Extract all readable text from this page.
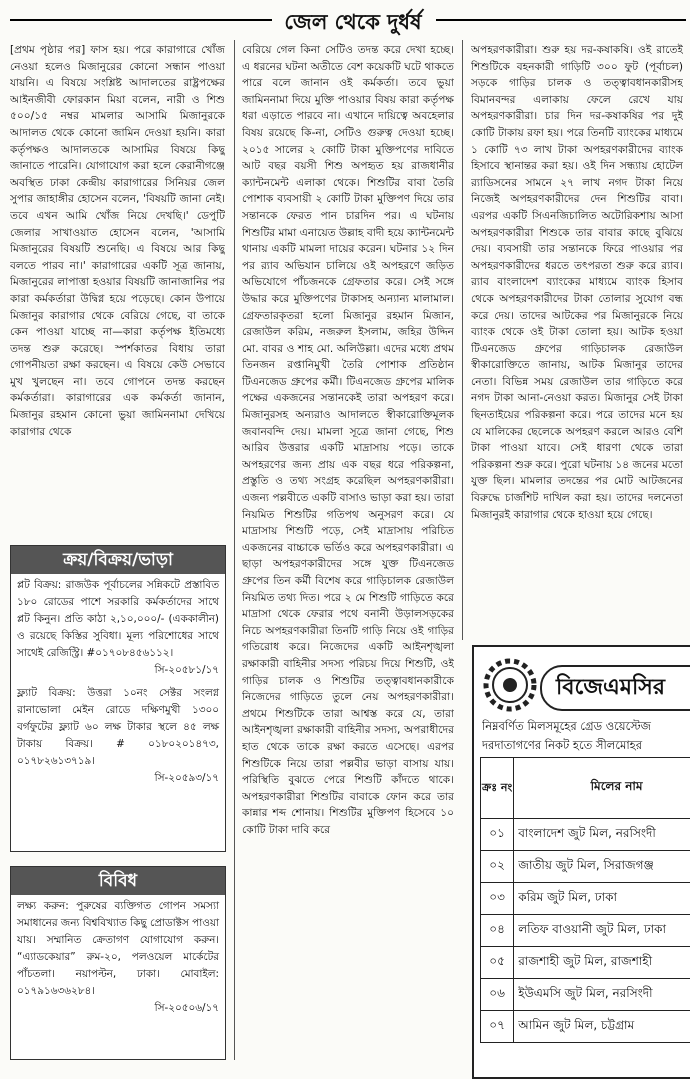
জেল থেকে দুর্ধর্ষ

[প্রথম পৃষ্ঠার পর] ফাস হয়। পরে কারাগারে খোঁজ নেওয়া হলেও মিজানুরের কোনো সন্ধান পাওয়া যায়নি। এ বিষয়ে সংশ্লিষ্ট আদালতের রাষ্ট্রপক্ষের আইনজীবী ফোরকান মিয়া বলেন, নারী ও শিশু ৫০০/১৫ নম্বর মামলার আসামি মিজানুরকে আদালত থেকে কোনো জামিন দেওয়া হয়নি। কারা কর্তৃপক্ষও আদালতকে আসামির বিষয়ে কিছু জানাতে পারেনি। যোগাযোগ করা হলে কেরানীগঞ্জে অবস্থিত ঢাকা কেন্দ্রীয় কারাগারের সিনিয়র জেল সুপার জাহাঙ্গীর হোসেন বলেন, 'বিষয়টি জানা নেই। তবে এখন আমি খোঁজ নিয়ে দেখছি।' ডেপুটি জেলার সাখাওয়াত হোসেন বলেন, 'আসামি মিজানুরের বিষয়টি শুনেছি। এ বিষয়ে আর কিছু বলতে পারব না।' কারাগারের একটি সূত্র জানায়, মিজানুরের লাপাত্তা হওয়ার বিষয়টি জানাজানির পর কারা কর্মকর্তারা উদ্বিগ্ন হয়ে পড়েছে। কোন উপায়ে মিজানুর কারাগার থেকে বেরিয়ে গেছে, বা তাকে কেন পাওয়া যাচ্ছে না—কারা কর্তৃপক্ষ ইতিমধ্যে তদন্ত শুরু করেছে। স্পর্শকাতর বিধায় তারা গোপনীয়তা রক্ষা করছেন। এ বিষয়ে কেউ সেভাবে মুখ খুলছেন না। তবে গোপনে তদন্ত করছেন কর্মকর্তারা। কারাগারের এক কর্মকর্তা জানান, মিজানুর রহমান কোনো ভুয়া জামিননামা দেখিয়ে কারাগার থেকে

বেরিয়ে গেল কিনা সেটিও তদন্ত করে দেখা হচ্ছে। এ ধরনের ঘটনা অতীতে বেশ কয়েকটি ঘটে থাকতে পারে বলে জানান ওই কর্মকর্তা। তবে ভুয়া জামিননামা দিয়ে মুক্তি পাওয়ার বিষয় কারা কর্তৃপক্ষ ধরা এড়াতে পারবে না। এখানে দায়িত্বে অবহেলার বিষয় রয়েছে কি-না, সেটিও গুরুত্ব দেওয়া হচ্ছে। ২০১৫ সালের ২ কোটি টাকা মুক্তিপণের দাবিতে আট বছর বয়সী শিশু অপহৃত হয় রাজধানীর ক্যান্টনমেন্ট এলাকা থেকে। শিশুটির বাবা তৈরি পোশাক ব্যবসায়ী ২ কোটি টাকা মুক্তিপণ দিয়ে তার সন্তানকে ফেরত পান চারদিন পর। এ ঘটনায় শিশুটির মামা এনায়েত উল্লাহ বাদী হয়ে ক্যান্টনমেন্ট থানায় একটি মামলা দায়ের করেন। ঘটনার ১২ দিন পর র‍্যাব অভিযান চালিয়ে ওই অপহরণে জড়িত অভিযোগে পাঁচজনকে গ্রেফতার করে। সেই সঙ্গে উদ্ধার করে মুক্তিপণের টাকাসহ অন্যান্য মালামাল। গ্রেফতারকৃতরা হলো মিজানুর রহমান মিজান, রেজাউল করিম, নজরুল ইসলাম, জহির উদ্দিন মো. বাবর ও শাহ মো. অলিউল্লা। এদের মধ্যে প্রথম তিনজন রপ্তানিমুখী তৈরি পোশাক প্রতিষ্ঠান টিএনজেড গ্রুপের কর্মী। টিএনজেড গ্রুপের মালিক পক্ষের একজনের সন্তানকেই তারা অপহরণ করে। মিজানুরসহ অন্যরাও আদালতে স্বীকারোক্তিমূলক জবানবন্দি দেয়। মামলা সূত্রে জানা গেছে, শিশু আরিব উত্তরার একটি মাদ্রাসায় পড়ে। তাকে অপহরণের জন্য প্রায় এক বছর ধরে পরিকল্পনা, প্রস্তুতি ও তথ্য সংগ্রহ করেছিল অপহরণকারীরা। এজন্য পল্লবীতে একটি বাসাও ভাড়া করা হয়। তারা নিয়মিত শিশুটির গতিপথ অনুসরণ করে। যে মাদ্রাসায় শিশুটি পড়ে, সেই মাদ্রাসায় পরিচিত একজনের বাচ্চাকে ভর্তিও করে অপহরণকারীরা। এ ছাড়া অপহরণকারীদের সঙ্গে যুক্ত টিএনজেড গ্রুপের তিন কর্মী বিশেষ করে গাড়িচালক রেজাউল নিয়মিত তথ্য দিত। পরে ২ মে শিশুটি গাড়িতে করে মাদ্রাসা থেকে ফেরার পথে বনানী উড়ালসড়কের নিচে অপহরণকারীরা তিনটি গাড়ি নিয়ে ওই গাড়ির গতিরোধ করে। নিজেদের একটি আইনশৃঙ্খলা রক্ষাকারী বাহিনীর সদস্য পরিচয় দিয়ে শিশুটি, ওই গাড়ির চালক ও শিশুটির তত্ত্বাবধানকারীকে নিজেদের গাড়িতে তুলে নেয় অপহরণকারীরা। প্রথমে শিশুটিকে তারা আশ্বস্ত করে যে, তারা আইনশৃঙ্খলা রক্ষাকারী বাহিনীর সদস্য, অপরাধীদের হাত থেকে তাকে রক্ষা করতে এসেছে। এরপর শিশুটিকে নিয়ে তারা পল্লবীর ভাড়া বাসায় যায়। পরিস্থিতি বুঝতে পেরে শিশুটি কাঁদতে থাকে। অপহরণকারীরা শিশুটির বাবাকে ফোন করে তার কান্নার শব্দ শোনায়। শিশুটির মুক্তিপণ হিসেবে ১০ কোটি টাকা দাবি করে

অপহরণকারীরা। শুরু হয় দর-কষাকষি। ওই রাতেই শিশুটিকে বহনকারী গাড়িটি ৩০০ ফুট (পূর্বাচল) সড়কে গাড়ির চালক ও তত্ত্বাবধানকারীসহ বিমানবন্দর এলাকায় ফেলে রেখে যায় অপহরণকারীরা। চার দিন দর-কষাকষির পর দুই কোটি টাকায় রফা হয়। পরে তিনটি ব্যাংকের মাধ্যমে ১ কোটি ৭৩ লাখ টাকা অপহরণকারীদের ব্যাংক হিসাবে স্থানান্তর করা হয়। ওই দিন সন্ধ্যায় হোটেল র‍্যাডিসনের সামনে ২৭ লাখ নগদ টাকা নিয়ে নিজেই অপহরণকারীদের দেন শিশুটির বাবা। এরপর একটি সিএনজিচালিত অটোরিকশায় আসা অপহরণকারীরা শিশুকে তার বাবার কাছে বুঝিয়ে দেয়। ব্যবসায়ী তার সন্তানকে ফিরে পাওয়ার পর অপহরণকারীদের ধরতে তৎপরতা শুরু করে র‍্যাব। র‍্যাব বাংলাদেশ ব্যাংকের মাধ্যমে ব্যাংক হিসাব থেকে অপহরণকারীদের টাকা তোলার সুযোগ বন্ধ করে দেয়। তাদের আটকের পর মিজানুরকে নিয়ে ব্যাংক থেকে ওই টাকা তোলা হয়। আটক হওয়া টিএনজেড গ্রুপের গাড়িচালক রেজাউল স্বীকারোক্তিতে জানায়, আটক মিজানুর তাদের নেতা। বিভিন্ন সময় রেজাউল তার গাড়িতে করে নগদ টাকা আনা-নেওয়া করত। মিজানুর সেই টাকা ছিনতাইয়ের পরিকল্পনা করে। পরে তাদের মনে হয় যে মালিকের ছেলেকে অপহরণ করলে আরও বেশি টাকা পাওয়া যাবে। সেই ধারণা থেকে তারা পরিকল্পনা শুরু করে। পুরো ঘটনায় ১৪ জনের মতো যুক্ত ছিল। মামলার তদন্তের পর মোট আটজনের বিরুদ্ধে চার্জশিট দাখিল করা হয়। তাদের দলনেতা মিজানুরই কারাগার থেকে হাওয়া হয়ে গেছে।

ক্রয়/বিক্রয়/ভাড়া
প্লট বিক্রয়: রাজউক পূর্বাচলের সন্নিকটে প্রস্তাবিত ১৮০ রোডের পাশে সরকারি কর্মকর্তাদের সাথে প্লট কিনুন। প্রতি কাঠা ২,১০,০০০/- (এককালীন) ও রয়েছে কিস্তির সুবিধা। মূল্য পরিশোধের সাথে সাথেই রেজিস্ট্রি। #০১৭০৮৪৫৬১১২।
সি-২০৫৮১/১৭
ফ্ল্যাট বিক্রয়: উত্তরা ১০নং সেক্টর সংলগ্ন রানাভোলা মেইন রোডে দক্ষিণমুখী ১৩০০ বর্গফুটের ফ্ল্যাট ৬০ লক্ষ টাকার স্থলে ৪৫ লক্ষ টাকায় বিক্রয়। # ০১৮০২০১৪৭৩, ০১৭৮২৬১৩৭১৯।
সি-২০৫৯৩/১৭
বিবিধ
লক্ষ্য করুন: পুরুষের ব্যক্তিগত গোপন সমস্যা সমাধানের জন্য বিশ্ববিখ্যাত কিছু প্রোডাক্টস পাওয়া যায়। সম্মানিত ক্রেতাগণ যোগাযোগ করুন। “এ্যাডকেয়ার” রুম-২০, পলওয়েল মার্কেটের পাঁচতলা। নয়াপল্টন, ঢাকা। মোবাইল: ০১৭৯১৬৩৬২৮৪।
সি-২০৫০৬/১৭
বিজেএমসির
নিম্নবর্ণিত মিলসমূহের গ্রেড ওয়েস্টেজ
দরদাতাগণের নিকট হতে সীলমোহর
ক্রঃ নং	মিলের নাম
০১	বাংলাদেশ জুট মিল, নরসিংদী
০২	জাতীয় জুট মিল, সিরাজগঞ্জ
০৩	করিম জুট মিল, ঢাকা
০৪	লতিফ বাওয়ানী জুট মিল, ঢাকা
০৫	রাজশাহী জুট মিল, রাজশাহী
০৬	ইউএমসি জুট মিল, নরসিংদী
০৭	আমিন জুট মিল, চট্টগ্রাম
